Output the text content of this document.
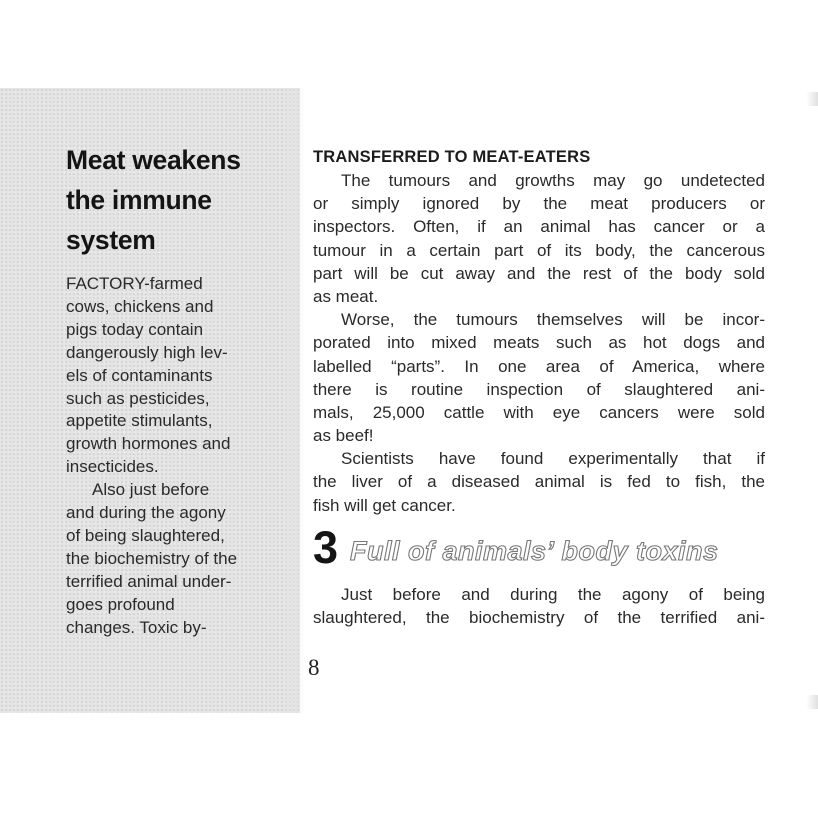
Meat weakens
the immune
system
FACTORY-farmed
cows, chickens and
pigs today contain
dangerously high lev-
els of contaminants
such as pesticides,
appetite stimulants,
growth hormones and
insecticides.
Also just before
and during the agony
of being slaughtered,
the biochemistry of the
terrified animal under-
goes profound
changes. Toxic by-
TRANSFERRED TO MEAT-EATERS
The tumours and growths may go undetected
or simply ignored by the meat producers or
inspectors. Often, if an animal has cancer or a
tumour in a certain part of its body, the cancerous
part will be cut away and the rest of the body sold
as meat.
Worse, the tumours themselves will be incor-
porated into mixed meats such as hot dogs and
labelled “parts”. In one area of America, where
there is routine inspection of slaughtered ani-
mals, 25,000 cattle with eye cancers were sold
as beef!
Scientists have found experimentally that if
the liver of a diseased animal is fed to fish, the
fish will get cancer.
3 Full of animals’ body toxins
Just before and during the agony of being
slaughtered, the biochemistry of the terrified ani-
8
